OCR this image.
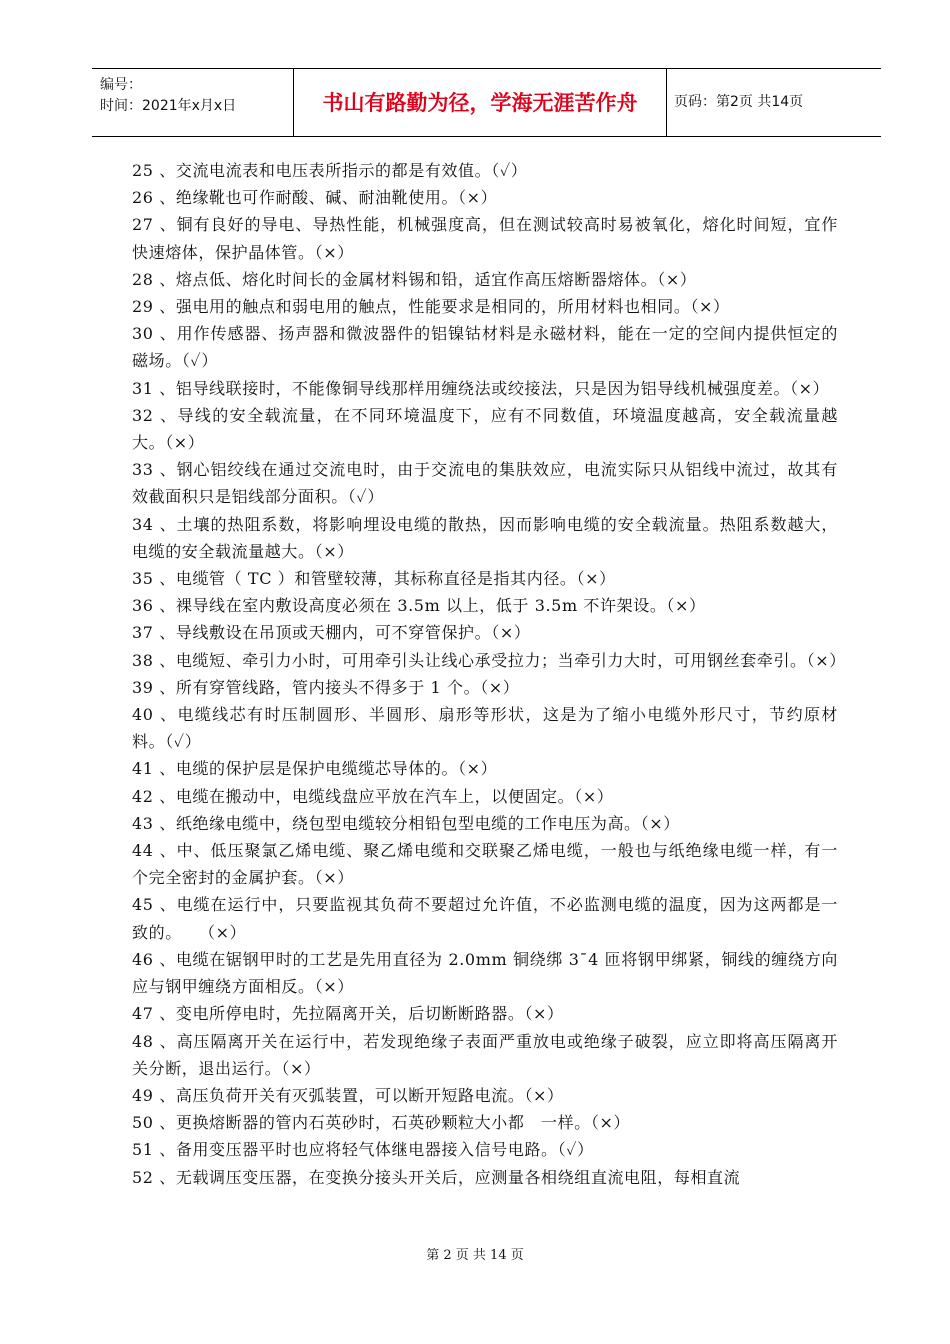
编号：
时间：2021年x月x日	书山有路勤为径，学海无涯苦作舟	页码：第2页 共14页

25 、交流电流表和电压表所指示的都是有效值。（✓）

26 、绝缘靴也可作耐酸、碱、耐油靴使用。（×）

27 、铜有良好的导电、导热性能，机械强度高，但在测试较高时易被氧化，熔化时间短，宜作快速熔体，保护晶体管。（×）

28 、熔点低、熔化时间长的金属材料锡和铅，适宜作高压熔断器熔体。（×）

29 、强电用的触点和弱电用的触点，性能要求是相同的，所用材料也相同。（×）

30 、用作传感器、扬声器和微波器件的铝镍钴材料是永磁材料，能在一定的空间内提供恒定的磁场。（✓）

31 、铝导线联接时，不能像铜导线那样用缠绕法或绞接法，只是因为铝导线机械强度差。（×）

32 、导线的安全载流量，在不同环境温度下，应有不同数值，环境温度越高，安全载流量越大。（×）

33 、钢心铝绞线在通过交流电时，由于交流电的集肤效应，电流实际只从铝线中流过，故其有效截面积只是铝线部分面积。（✓）

34 、土壤的热阻系数，将影响埋设电缆的散热，因而影响电缆的安全载流量。热阻系数越大，电缆的安全载流量越大。（×）

35 、电缆管（ TC ）和管壁较薄，其标称直径是指其内径。（×）

36 、裸导线在室内敷设高度必须在 3.5m 以上，低于 3.5m 不许架设。（×）

37 、导线敷设在吊顶或天棚内，可不穿管保护。（×）

38 、电缆短、牵引力小时，可用牵引头让线心承受拉力；当牵引力大时，可用钢丝套牵引。（×）

39 、所有穿管线路，管内接头不得多于 1 个。（×）

40 、电缆线芯有时压制圆形、半圆形、扇形等形状，这是为了缩小电缆外形尺寸，节约原材料。（✓）

41 、电缆的保护层是保护电缆缆芯导体的。（×）

42 、电缆在搬动中，电缆线盘应平放在汽车上，以便固定。（×）

43 、纸绝缘电缆中，绕包型电缆较分相铅包型电缆的工作电压为高。（×）

44 、中、低压聚氯乙烯电缆、聚乙烯电缆和交联聚乙烯电缆，一般也与纸绝缘电缆一样，有一个完全密封的金属护套。（×）

45 、电缆在运行中，只要监视其负荷不要超过允许值，不必监测电缆的温度，因为这两都是一致的。　　（×）

46 、电缆在锯钢甲时的工艺是先用直径为 2.0mm 铜绕绑 3¯4 匝将钢甲绑紧，铜线的缠绕方向应与钢甲缠绕方面相反。（×）

47 、变电所停电时，先拉隔离开关，后切断断路器。（×）

48 、高压隔离开关在运行中，若发现绝缘子表面严重放电或绝缘子破裂，应立即将高压隔离开关分断，退出运行。（×）

49 、高压负荷开关有灭弧装置，可以断开短路电流。（×）

50 、更换熔断器的管内石英砂时，石英砂颗粒大小都　一样。（×）

51 、备用变压器平时也应将轻气体继电器接入信号电路。（✓）

52 、无载调压变压器，在变换分接头开关后，应测量各相绕组直流电阻，每相直流

第 2 页 共 14 页
